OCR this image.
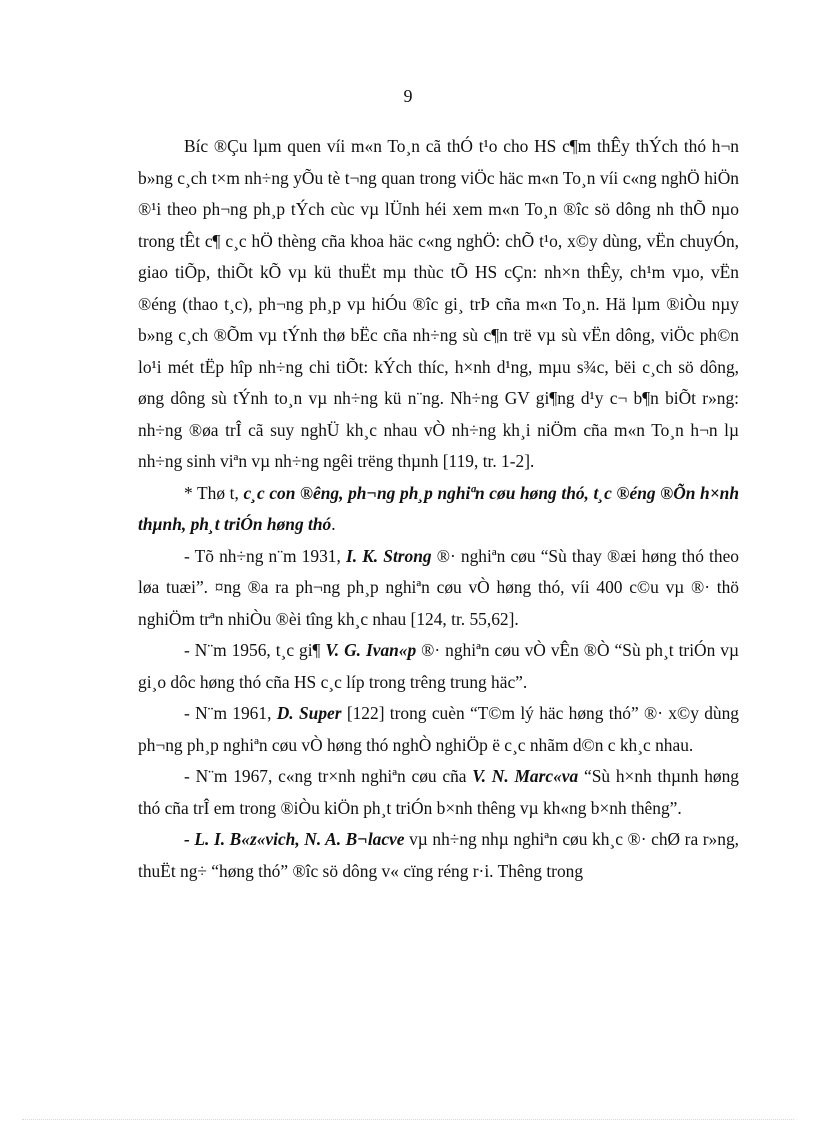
9

Bíc ®Çu lµm quen víi m«n To¸n cã thÓ t¹o cho HS c¶m thÊy thÝch thó h¬n b»ng c¸ch t×m nh÷ng yÕu tè t¬ng quan trong viÖc häc m«n To¸n víi c«ng nghÖ hiÖn ®¹i theo ph¬ng ph¸p tÝch cùc vµ lÜnh héi xem m«n To¸n ®îc sö dông nh thÕ nµo trong tÊt c¶ c¸c hÖ thèng cña khoa häc c«ng nghÖ: chÕ t¹o, x©y dùng, vËn chuyÓn, giao tiÕp, thiÕt kÕ vµ kü thuËt mµ thùc tÕ HS cÇn: nh×n thÊy, ch¹m vµo, vËn ®éng (thao t¸c), ph¬ng ph¸p vµ hiÓu ®îc gi¸ trÞ cña m«n To¸n. Hä lµm ®iÒu nµy b»ng c¸ch ®Õm vµ tÝnh thø bËc cña nh÷ng sù c¶n trë vµ sù vËn dông, viÖc ph©n lo¹i mét tËp hîp nh÷ng chi tiÕt: kÝch thíc, h×nh d¹ng, mµu s¾c, bëi c¸ch sö dông, øng dông sù tÝnh to¸n vµ nh÷ng kü n¨ng. Nh÷ng GV gi¶ng d¹y c¬ b¶n biÕt r»ng: nh÷ng ®øa trÎ cã suy nghÜ kh¸c nhau vÒ nh÷ng kh¸i niÖm cña m«n To¸n h¬n lµ nh÷ng sinh viªn vµ nh÷ng ngêi trëng thµnh [119, tr. 1-2].

* Thø t, c¸c con ®êng, ph¬ng ph¸p nghiªn cøu høng thó, t¸c ®éng ®Õn h×nh thµnh, ph¸t triÓn høng thó.

- Tõ nh÷ng n¨m 1931, I. K. Strong ®· nghiªn cøu “Sù thay ®æi høng thó theo løa tuæi”. ¤ng ®a ra ph¬ng ph¸p nghiªn cøu vÒ høng thó, víi 400 c©u vµ ®· thö nghiÖm trªn nhiÒu ®èi tîng kh¸c nhau [124, tr. 55,62].

- N¨m 1956, t¸c gi¶ V. G. Ivan«p ®· nghiªn cøu vÒ vÊn ®Ò “Sù ph¸t triÓn vµ gi¸o dôc høng thó cña HS c¸c líp trong trêng trung häc”.

- N¨m 1961, D. Super [122] trong cuèn “T©m lý häc høng thó” ®· x©y dùng ph¬ng ph¸p nghiªn cøu vÒ høng thó nghÒ nghiÖp ë c¸c nhãm d©n c kh¸c nhau.

- N¨m 1967, c«ng tr×nh nghiªn cøu cña V. N. Marc«va “Sù h×nh thµnh høng thó cña trÎ em trong ®iÒu kiÖn ph¸t triÓn b×nh thêng vµ kh«ng b×nh thêng”.

- L. I. B«z«vich, N. A. B¬lacve vµ nh÷ng nhµ nghiªn cøu kh¸c ®· chØ ra r»ng, thuËt ng÷ “høng thó” ®îc sö dông v« cïng réng r·i. Thêng trong
